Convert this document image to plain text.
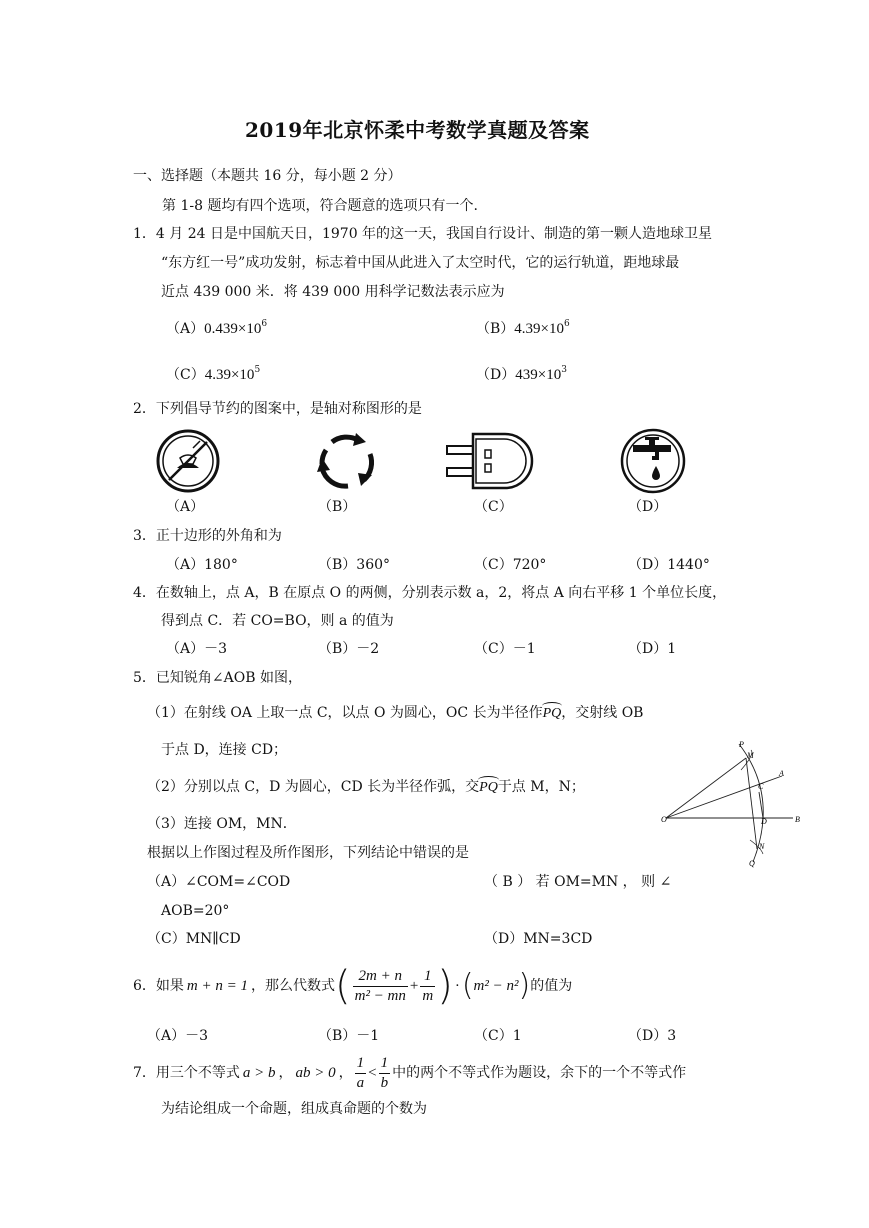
2019年北京怀柔中考数学真题及答案
一、选择题（本题共 16 分，每小题 2 分）
第 1-8 题均有四个选项，符合题意的选项只有一个.
1．4 月 24 日是中国航天日，1970 年的这一天，我国自行设计、制造的第一颗人造地球卫星
“东方红一号”成功发射，标志着中国从此进入了太空时代，它的运行轨道，距地球最
近点 439 000 米．将 439 000 用科学记数法表示应为
$(A)0.439\times 10^6$	$(B)4.39\times 10^6$
$(C)4.39\times 10^5$	$(D)439\times 10^3$
2．下列倡导节约的图案中，是轴对称图形的是
（A）	（B）	（C）	（D）
3．正十边形的外角和为
（A）180°	（B）360°	（C）720°	（D）1440°
4．在数轴上，点 A，B 在原点 O 的两侧，分别表示数 a，2，将点 A 向右平移 1 个单位长度，
得到点 C．若 CO=BO，则 a 的值为
（A）－3	（B）－2	（C）－1	（D）1
5．已知锐角∠AOB 如图，
（1）在射线 OA 上取一点 C，以点 O 为圆心，OC 长为半径作PQ，交射线 OB
于点 D，连接 CD；
（2）分别以点 C，D 为圆心，CD 长为半径作弧，交PQ于点 M，N；
（3）连接 OM，MN．
根据以上作图过程及所作图形，下列结论中错误的是
（A）∠COM=∠COD	（ B ） 若 OM=MN ， 则 ∠
AOB=20°
（C）MN∥CD	（D）MN=3CD
P
M
A
C
O	D	B
N
Q
6．如果 m + n = 1 ，那么代数式 ( $\frac{2m + n}{\text{m² − mn}} + \frac{1}{m}$ ) · ( m² − n² ) 的值为
（A）－3	（B）－1	（C）1	（D）3
7．用三个不等式 a > b ， ab > 0 ， $\frac{1}{a} < \frac{1}{b}$ 中的两个不等式作为题设，余下的一个不等式作
为结论组成一个命题，组成真命题的个数为
